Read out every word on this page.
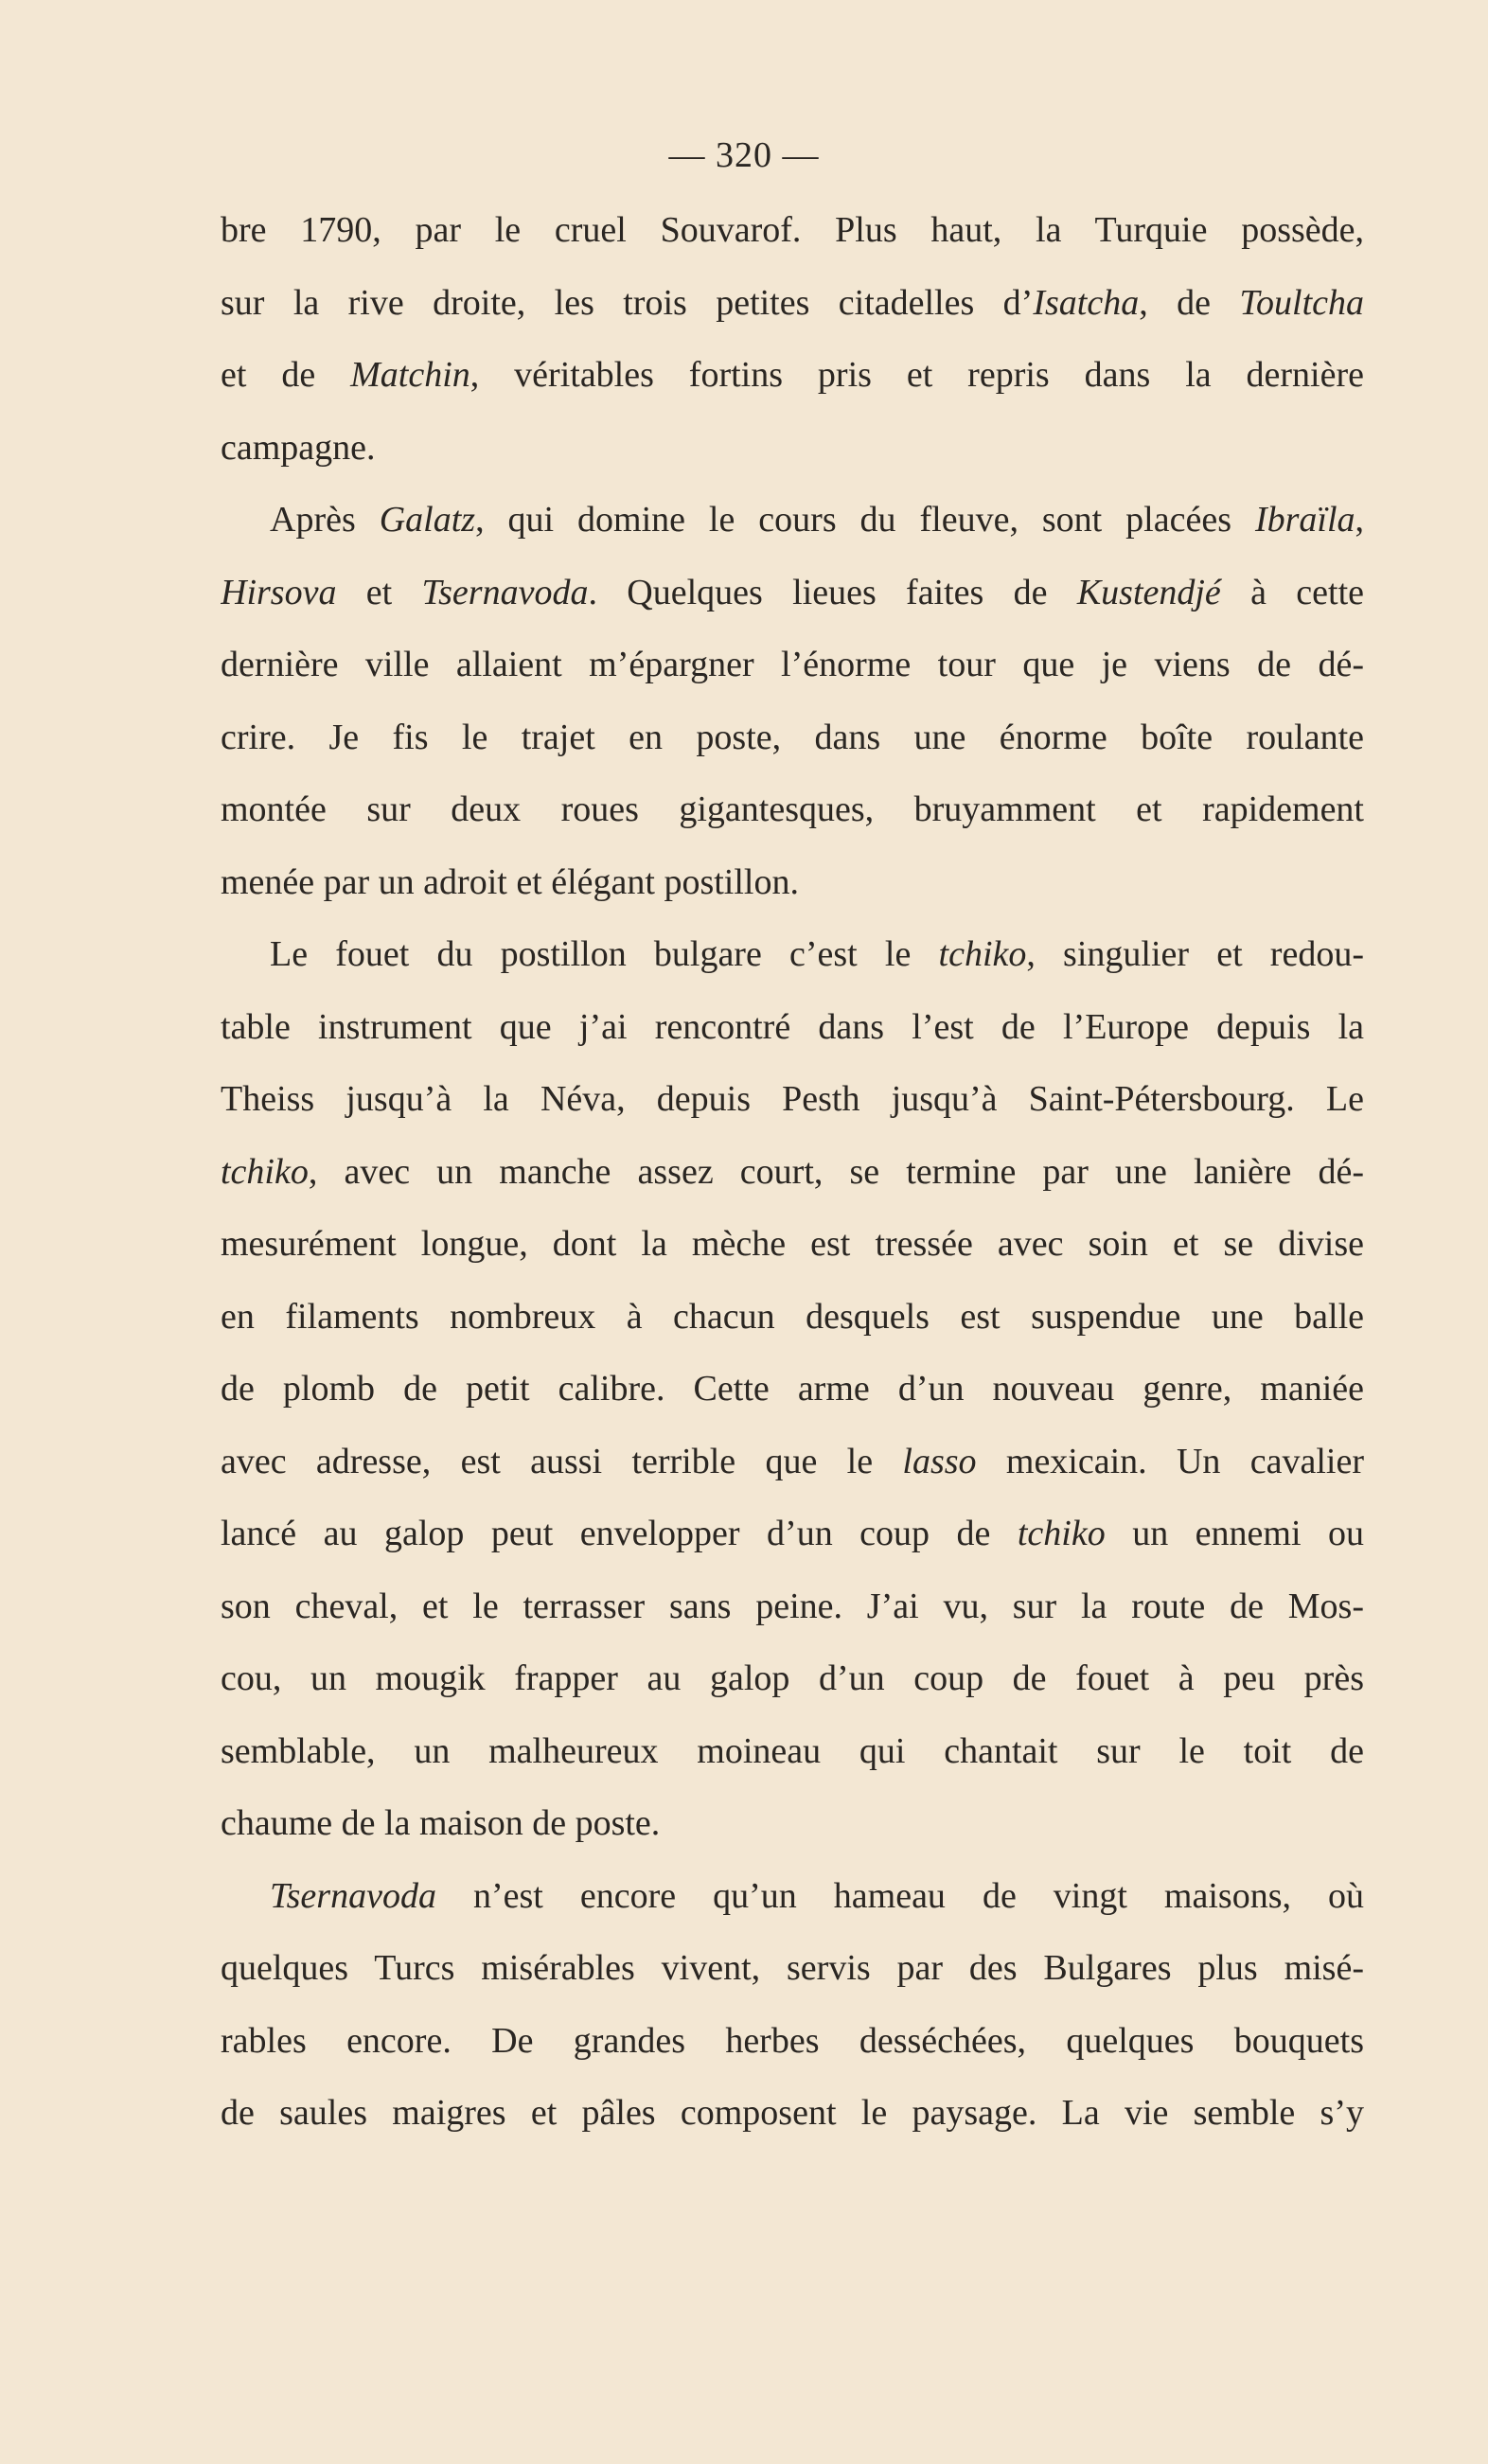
— 320 —
bre 1790, par le cruel Souvarof. Plus haut, la Turquie possède,
sur la rive droite, les trois petites citadelles d’Isatcha, de Toultcha
et de Matchin, véritables fortins pris et repris dans la dernière
campagne.
Après Galatz, qui domine le cours du fleuve, sont placées Ibraïla,
Hirsova et Tsernavoda. Quelques lieues faites de Kustendjé à cette
dernière ville allaient m’épargner l’énorme tour que je viens de dé-
crire. Je fis le trajet en poste, dans une énorme boîte roulante
montée sur deux roues gigantesques, bruyamment et rapidement
menée par un adroit et élégant postillon.
Le fouet du postillon bulgare c’est le tchiko, singulier et redou-
table instrument que j’ai rencontré dans l’est de l’Europe depuis la
Theiss jusqu’à la Néva, depuis Pesth jusqu’à Saint-Pétersbourg. Le
tchiko, avec un manche assez court, se termine par une lanière dé-
mesurément longue, dont la mèche est tressée avec soin et se divise
en filaments nombreux à chacun desquels est suspendue une balle
de plomb de petit calibre. Cette arme d’un nouveau genre, maniée
avec adresse, est aussi terrible que le lasso mexicain. Un cavalier
lancé au galop peut envelopper d’un coup de tchiko un ennemi ou
son cheval, et le terrasser sans peine. J’ai vu, sur la route de Mos-
cou, un mougik frapper au galop d’un coup de fouet à peu près
semblable, un malheureux moineau qui chantait sur le toit de
chaume de la maison de poste.
Tsernavoda n’est encore qu’un hameau de vingt maisons, où
quelques Turcs misérables vivent, servis par des Bulgares plus misé-
rables encore. De grandes herbes desséchées, quelques bouquets
de saules maigres et pâles composent le paysage. La vie semble s’y
